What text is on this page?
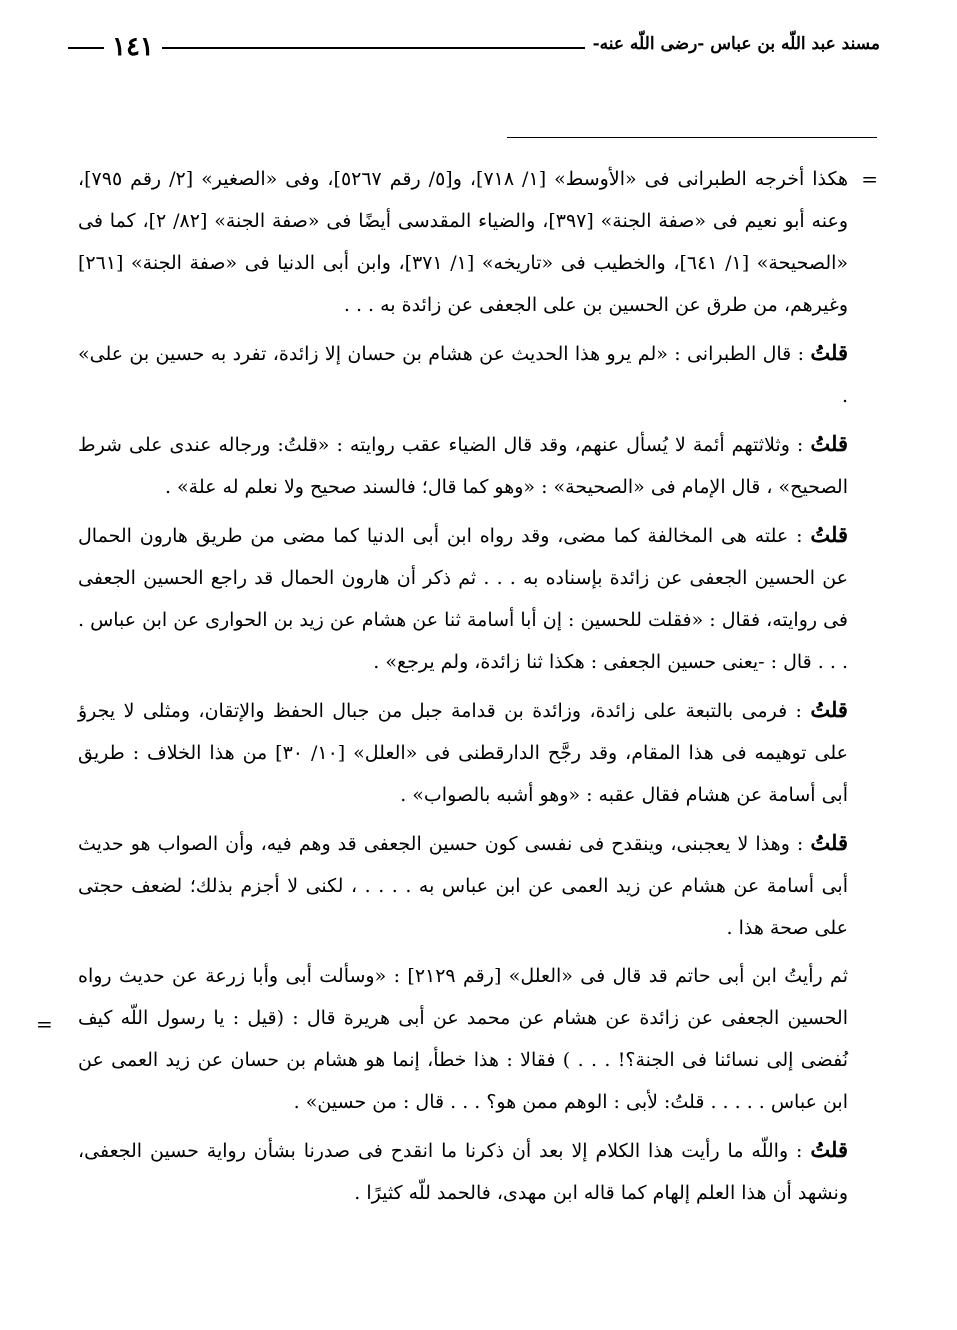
مسند عبد اللّه بن عباس -رضى اللّه عنه-
١٤١
=

هكذا أخرجه الطبرانى فى «الأوسط» [١/ ٧١٨]، و[٥/ رقم ٥٢٦٧]، وفى «الصغير» [٢/ رقم ٧٩٥]، وعنه أبو نعيم فى «صفة الجنة» [٣٩٧]، والضياء المقدسى أيضًا فى «صفة الجنة» [٨٢/ ٢]، كما فى «الصحيحة» [١/ ٦٤١]، والخطيب فى «تاريخه» [١/ ٣٧١]، وابن أبى الدنيا فى «صفة الجنة» [٢٦١] وغيرهم، من طرق عن الحسين بن على الجعفى عن زائدة به . . .

قلتُ : قال الطبرانى : «لم يرو هذا الحديث عن هشام بن حسان إلا زائدة، تفرد به حسين بن على» .

قلتُ : وثلاثتهم أئمة لا يُسأل عنهم، وقد قال الضياء عقب روايته : «قلتُ: ورجاله عندى على شرط الصحيح» ، قال الإمام فى «الصحيحة» : «وهو كما قال؛ فالسند صحيح ولا نعلم له علة» .

قلتُ : علته هى المخالفة كما مضى، وقد رواه ابن أبى الدنيا كما مضى من طريق هارون الحمال عن الحسين الجعفى عن زائدة بإسناده به . . . ثم ذكر أن هارون الحمال قد راجع الحسين الجعفى فى روايته، فقال : «فقلت للحسين : إن أبا أسامة ثنا عن هشام عن زيد بن الحوارى عن ابن عباس . . . . قال : -يعنى حسين الجعفى : هكذا ثنا زائدة، ولم يرجع» .

قلتُ : فرمى بالتبعة على زائدة، وزائدة بن قدامة جبل من جبال الحفظ والإتقان، ومثلى لا يجرؤ على توهيمه فى هذا المقام، وقد رجَّح الدارقطنى فى «العلل» [١٠/ ٣٠] من هذا الخلاف : طريق أبى أسامة عن هشام فقال عقبه : «وهو أشبه بالصواب» .

قلتُ : وهذا لا يعجبنى، وينقدح فى نفسى كون حسين الجعفى قد وهم فيه، وأن الصواب هو حديث أبى أسامة عن هشام عن زيد العمى عن ابن عباس به . . . . ، لكنى لا أجزم بذلك؛ لضعف حجتى على صحة هذا .

ثم رأيتُ ابن أبى حاتم قد قال فى «العلل» [رقم ٢١٢٩] : «وسألت أبى وأبا زرعة عن حديث رواه الحسين الجعفى عن زائدة عن هشام عن محمد عن أبى هريرة قال : (قيل : يا رسول اللّه كيف نُفضى إلى نسائنا فى الجنة؟! . . . ) فقالا : هذا خطأ، إنما هو هشام بن حسان عن زيد العمى عن ابن عباس . . . . . قلتُ: لأبى : الوهم ممن هو؟ . . . قال : من حسين» .

قلتُ : واللّه ما رأيت هذا الكلام إلا بعد أن ذكرنا ما انقدح فى صدرنا بشأن رواية حسين الجعفى، ونشهد أن هذا العلم إلهام كما قاله ابن مهدى، فالحمد للّه كثيرًا .

=
